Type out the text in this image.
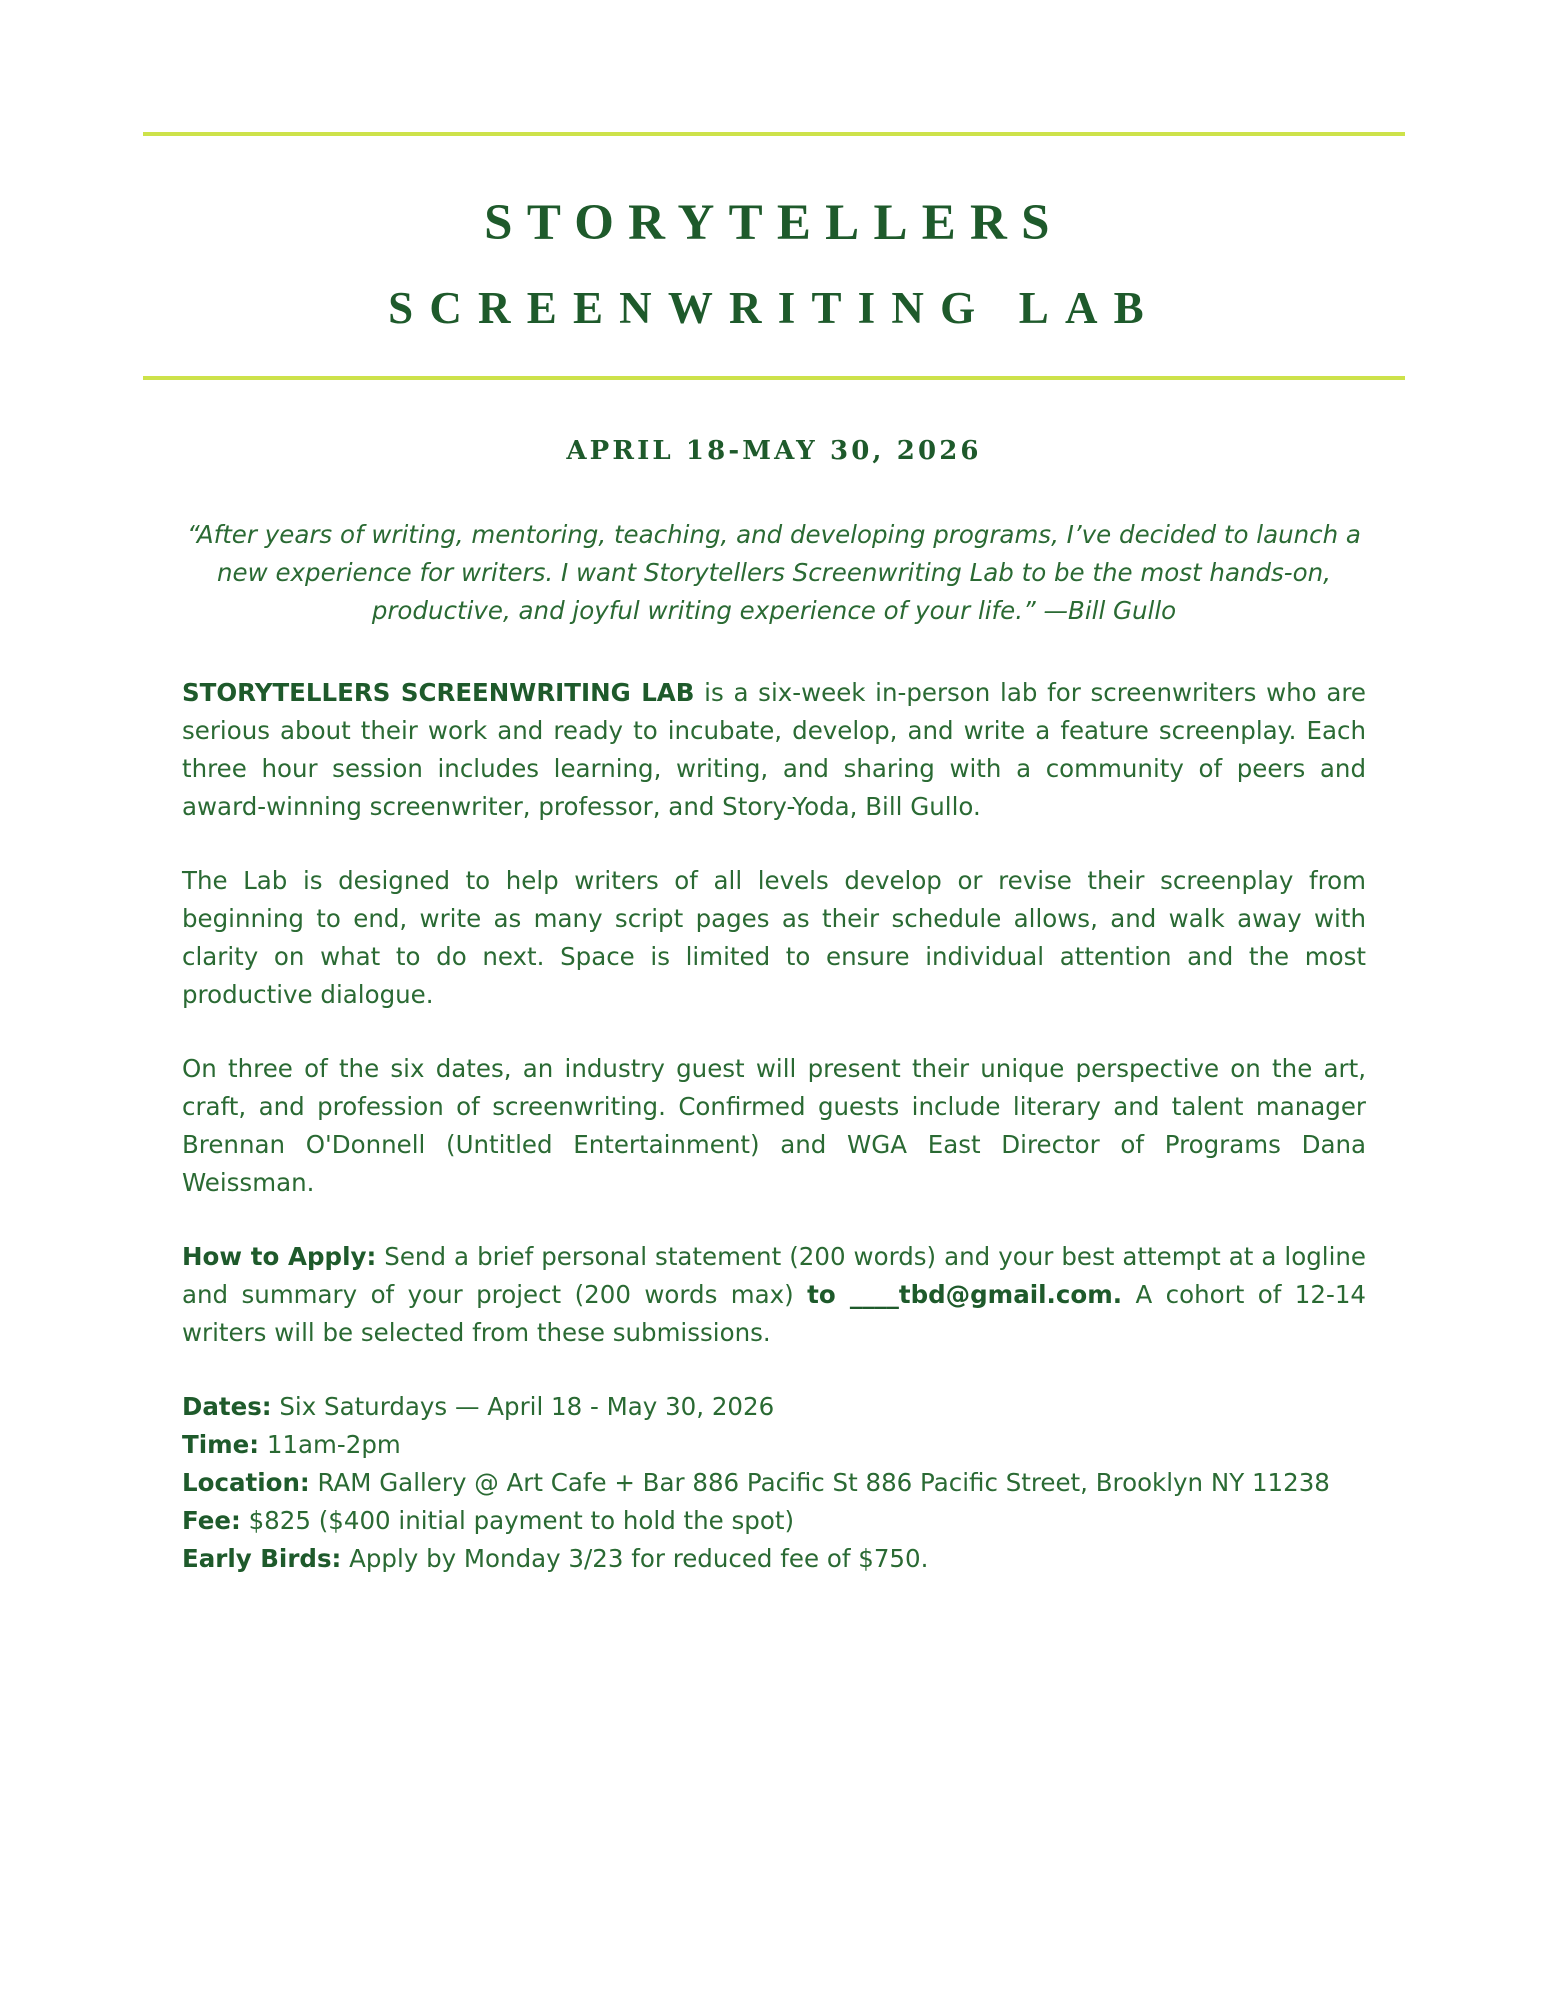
STORYTELLERS
SCREENWRITING LAB
APRIL 18-MAY 30, 2026
“After years of writing, mentoring, teaching, and developing programs, I’ve decided to launch a new experience for writers. I want Storytellers Screenwriting Lab to be the most hands-on, productive, and joyful writing experience of your life.” —Bill Gullo
STORYTELLERS SCREENWRITING LAB is a six-week in-person lab for screenwriters who are serious about their work and ready to incubate, develop, and write a feature screenplay. Each three hour session includes learning, writing, and sharing with a community of peers and award-winning screenwriter, professor, and Story-Yoda, Bill Gullo.
The Lab is designed to help writers of all levels develop or revise their screenplay from beginning to end, write as many script pages as their schedule allows, and walk away with clarity on what to do next. Space is limited to ensure individual attention and the most productive dialogue.
On three of the six dates, an industry guest will present their unique perspective on the art, craft, and profession of screenwriting. Confirmed guests include literary and talent manager Brennan O'Donnell (Untitled Entertainment) and WGA East Director of Programs Dana Weissman.
How to Apply: Send a brief personal statement (200 words) and your best attempt at a logline and summary of your project (200 words max) to ____tbd@gmail.com. A cohort of 12-14 writers will be selected from these submissions.
Dates: Six Saturdays — April 18 - May 30, 2026
Time: 11am-2pm
Location: RAM Gallery @ Art Cafe + Bar 886 Pacific St 886 Pacific Street, Brooklyn NY 11238
Fee: $825 ($400 initial payment to hold the spot)
Early Birds: Apply by Monday 3/23 for reduced fee of $750.
